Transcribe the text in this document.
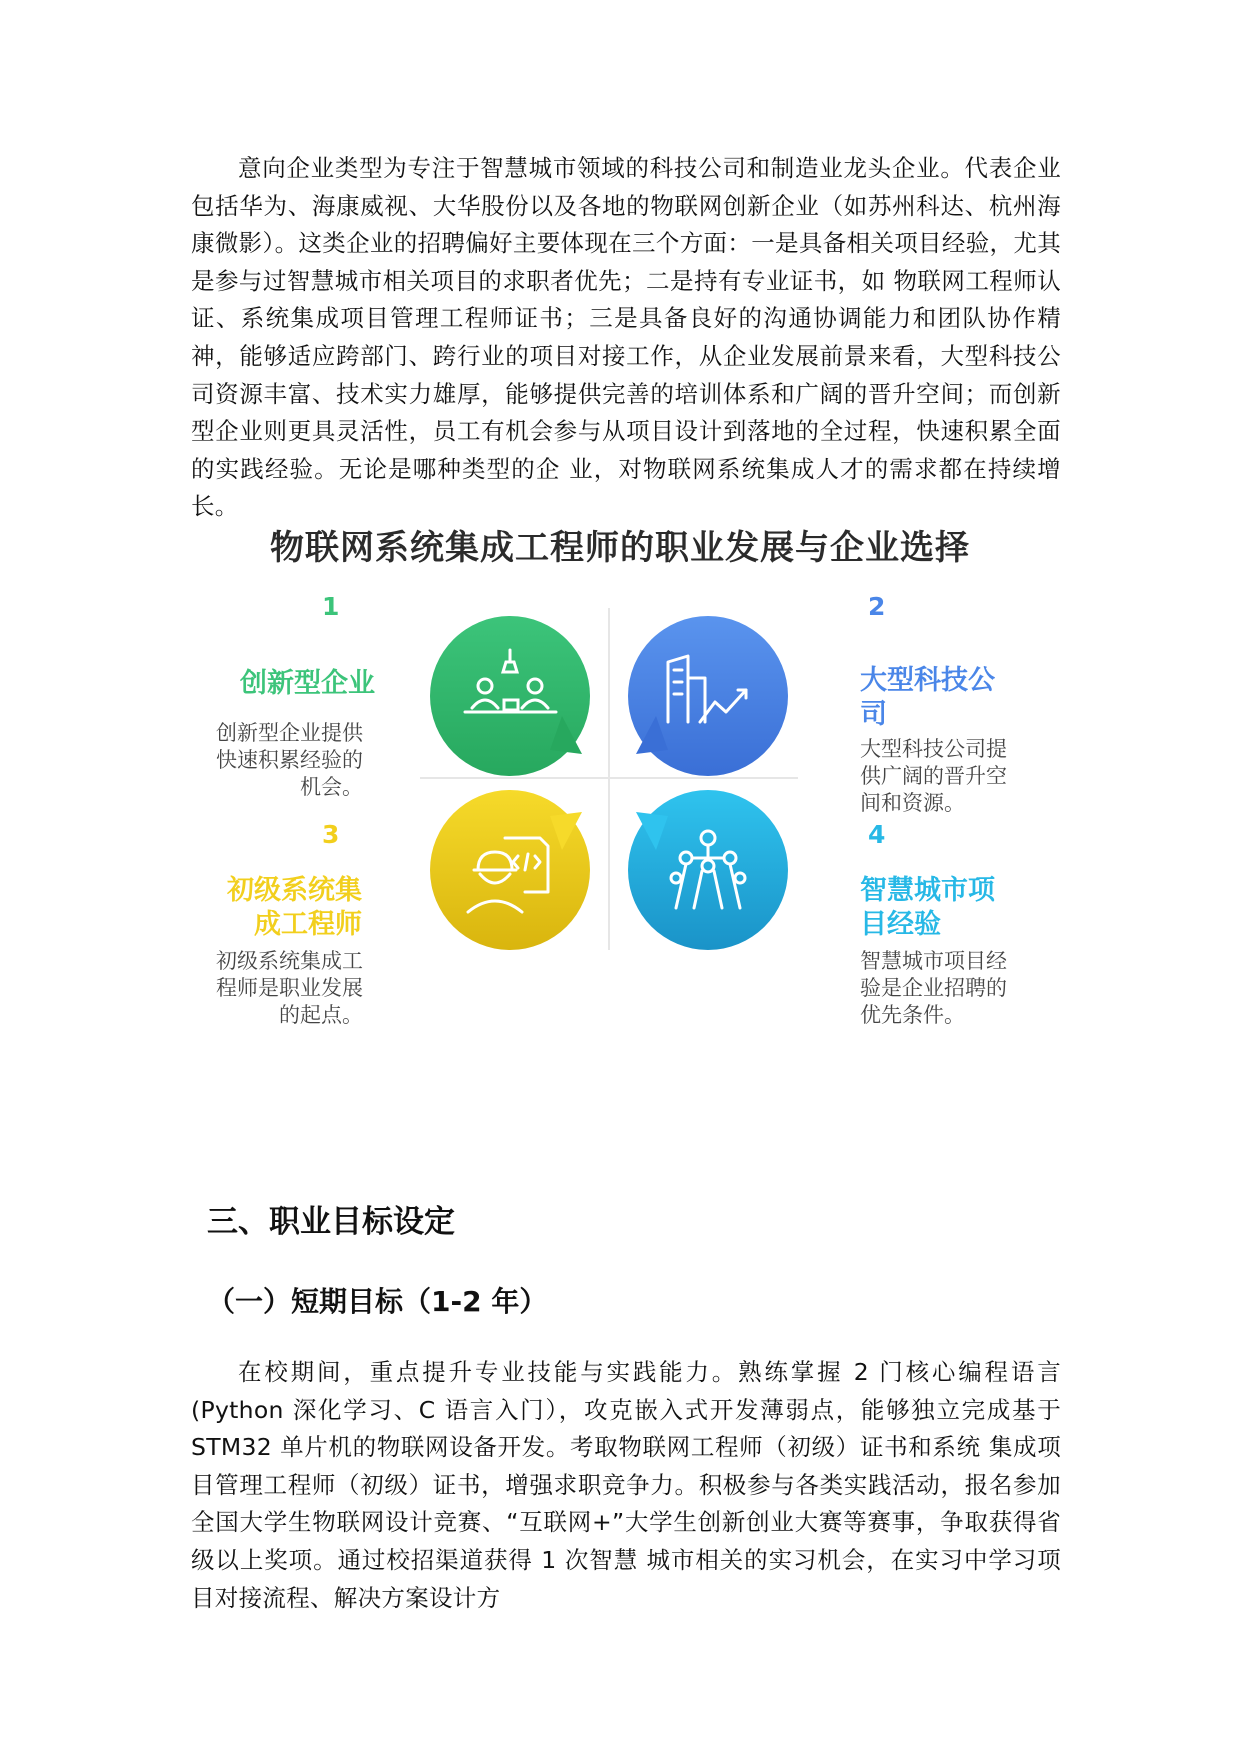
意向企业类型为专注于智慧城市领域的科技公司和制造业龙头企业。代表企业包括华为、海康威视、大华股份以及各地的物联网创新企业（如苏州科达、杭州海康微影）。这类企业的招聘偏好主要体现在三个方面：一是具备相关项目经验，尤其是参与过智慧城市相关项目的求职者优先；二是持有专业证书，如 物联网工程师认证、系统集成项目管理工程师证书；三是具备良好的沟通协调能力和团队协作精神，能够适应跨部门、跨行业的项目对接工作，从企业发展前景来看，大型科技公司资源丰富、技术实力雄厚，能够提供完善的培训体系和广阔的晋升空间；而创新型企业则更具灵活性，员工有机会参与从项目设计到落地的全过程，快速积累全面的实践经验。无论是哪种类型的企 业，对物联网系统集成人才的需求都在持续增长。

物联网系统集成工程师的职业发展与企业选择
1
创新型企业
创新型企业提供快速积累经验的机会。
2
大型科技公司
大型科技公司提供广阔的晋升空间和资源。
3
初级系统集成工程师
初级系统集成工程师是职业发展的起点。
4
智慧城市项目经验
智慧城市项目经验是企业招聘的优先条件。
三、职业目标设定
（一）短期目标（1-2 年）

在校期间，重点提升专业技能与实践能力。熟练掌握 2 门核心编程语言(Python 深化学习、C 语言入门），攻克嵌入式开发薄弱点，能够独立完成基于 STM32 单片机的物联网设备开发。考取物联网工程师（初级）证书和系统 集成项目管理工程师（初级）证书，增强求职竞争力。积极参与各类实践活动，报名参加全国大学生物联网设计竞赛、“互联网+”大学生创新创业大赛等赛事，争取获得省级以上奖项。通过校招渠道获得 1 次智慧 城市相关的实习机会，在实习中学习项目对接流程、解决方案设计方
